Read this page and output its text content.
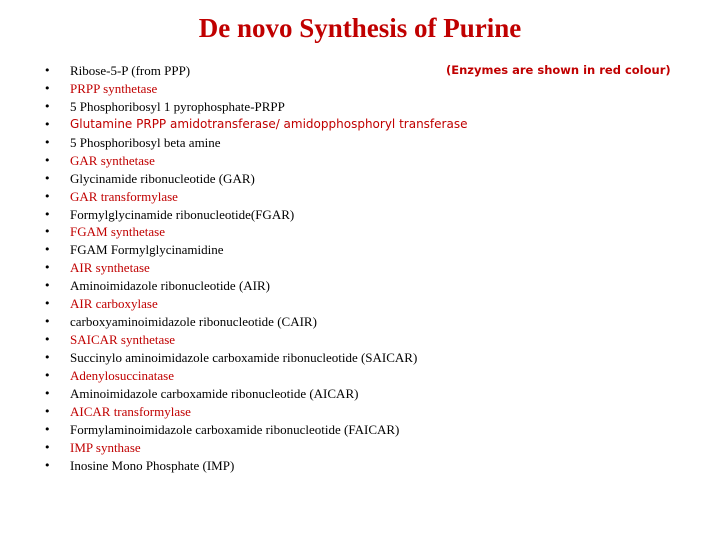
De novo Synthesis of Purine
(Enzymes are shown in red colour)
• Ribose-5-P (from PPP)
• PRPP synthetase
• 5 Phosphoribosyl 1 pyrophosphate-PRPP
• Glutamine PRPP amidotransferase/ amidopphosphoryl transferase
• 5 Phosphoribosyl beta amine
• GAR synthetase
• Glycinamide ribonucleotide (GAR)
• GAR transformylase
• Formylglycinamide ribonucleotide(FGAR)
• FGAM synthetase
• FGAM Formylglycinamidine
• AIR synthetase
• Aminoimidazole ribonucleotide (AIR)
• AIR carboxylase
• carboxyaminoimidazole ribonucleotide (CAIR)
• SAICAR synthetase
• Succinylo aminoimidazole carboxamide ribonucleotide (SAICAR)
• Adenylosuccinatase
• Aminoimidazole carboxamide ribonucleotide (AICAR)
• AICAR transformylase
• Formylaminoimidazole carboxamide ribonucleotide (FAICAR)
• IMP synthase
• Inosine Mono Phosphate (IMP)
